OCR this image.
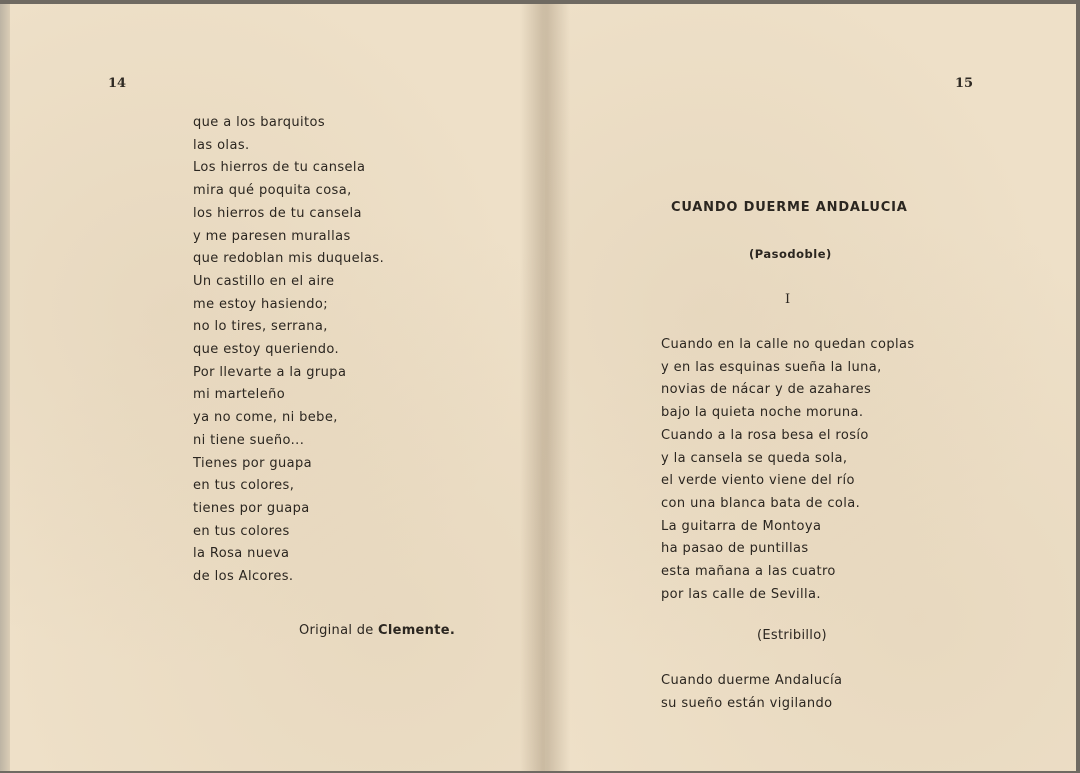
14
que a los barquitos
las olas.
Los hierros de tu cansela
mira qué poquita cosa,
los hierros de tu cansela
y me paresen murallas
que redoblan mis duquelas.
Un castillo en el aire
me estoy hasiendo;
no lo tires, serrana,
que estoy queriendo.
Por llevarte a la grupa
mi marteleño
ya no come, ni bebe,
ni tiene sueño...
Tienes por guapa
en tus colores,
tienes por guapa
en tus colores
la Rosa nueva
de los Alcores.
Original de Clemente.
15
CUANDO DUERME ANDALUCIA
(Pasodoble)
I
Cuando en la calle no quedan coplas
y en las esquinas sueña la luna,
novias de nácar y de azahares
bajo la quieta noche moruna.
Cuando a la rosa besa el rosío
y la cansela se queda sola,
el verde viento viene del río
con una blanca bata de cola.
La guitarra de Montoya
ha pasao de puntillas
esta mañana a las cuatro
por las calle de Sevilla.
(Estribillo)
Cuando duerme Andalucía
su sueño están vigilando
